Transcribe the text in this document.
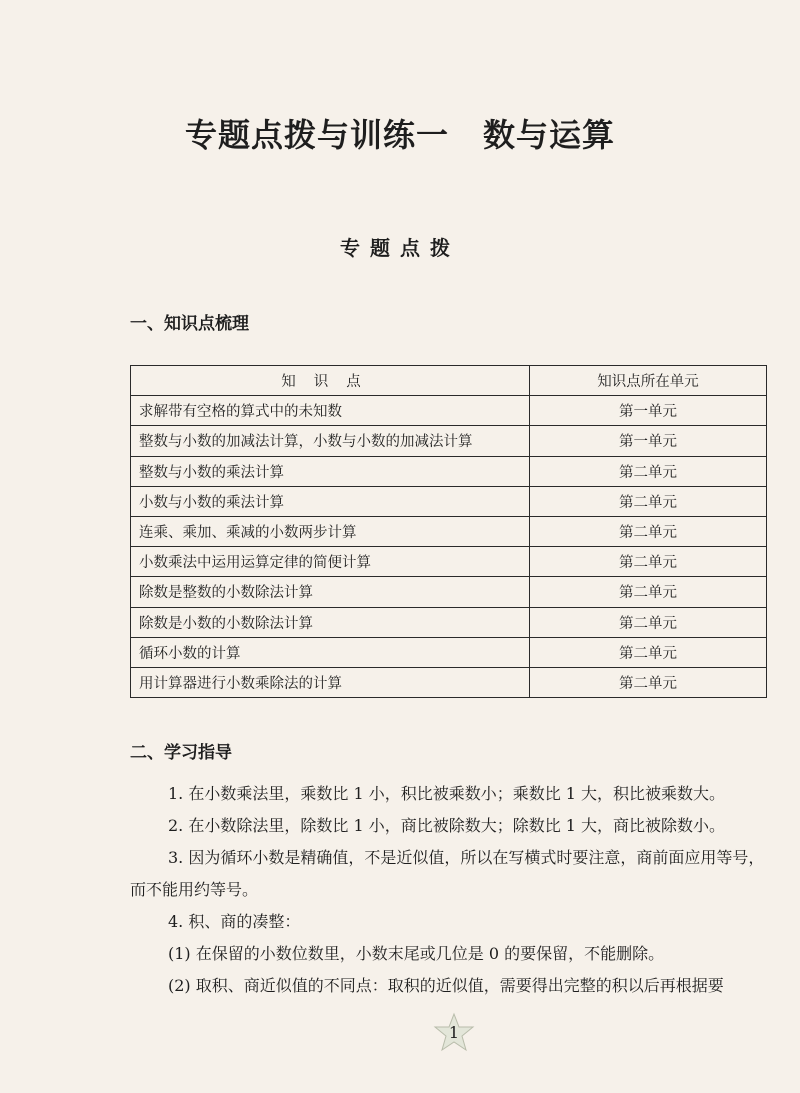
专题点拨与训练一 数与运算
专题点拨
一、知识点梳理
知识点	知识点所在单元
求解带有空格的算式中的未知数	第一单元
整数与小数的加减法计算，小数与小数的加减法计算	第一单元
整数与小数的乘法计算	第二单元
小数与小数的乘法计算	第二单元
连乘、乘加、乘减的小数两步计算	第二单元
小数乘法中运用运算定律的简便计算	第二单元
除数是整数的小数除法计算	第二单元
除数是小数的小数除法计算	第二单元
循环小数的计算	第二单元
用计算器进行小数乘除法的计算	第二单元
二、学习指导
1. 在小数乘法里，乘数比 1 小，积比被乘数小；乘数比 1 大，积比被乘数大。
2. 在小数除法里，除数比 1 小，商比被除数大；除数比 1 大，商比被除数小。
3. 因为循环小数是精确值，不是近似值，所以在写横式时要注意，商前面应用等号，而不能用约等号。
4. 积、商的凑整：
(1) 在保留的小数位数里，小数末尾或几位是 0 的要保留，不能删除。
(2) 取积、商近似值的不同点：取积的近似值，需要得出完整的积以后再根据要
1
